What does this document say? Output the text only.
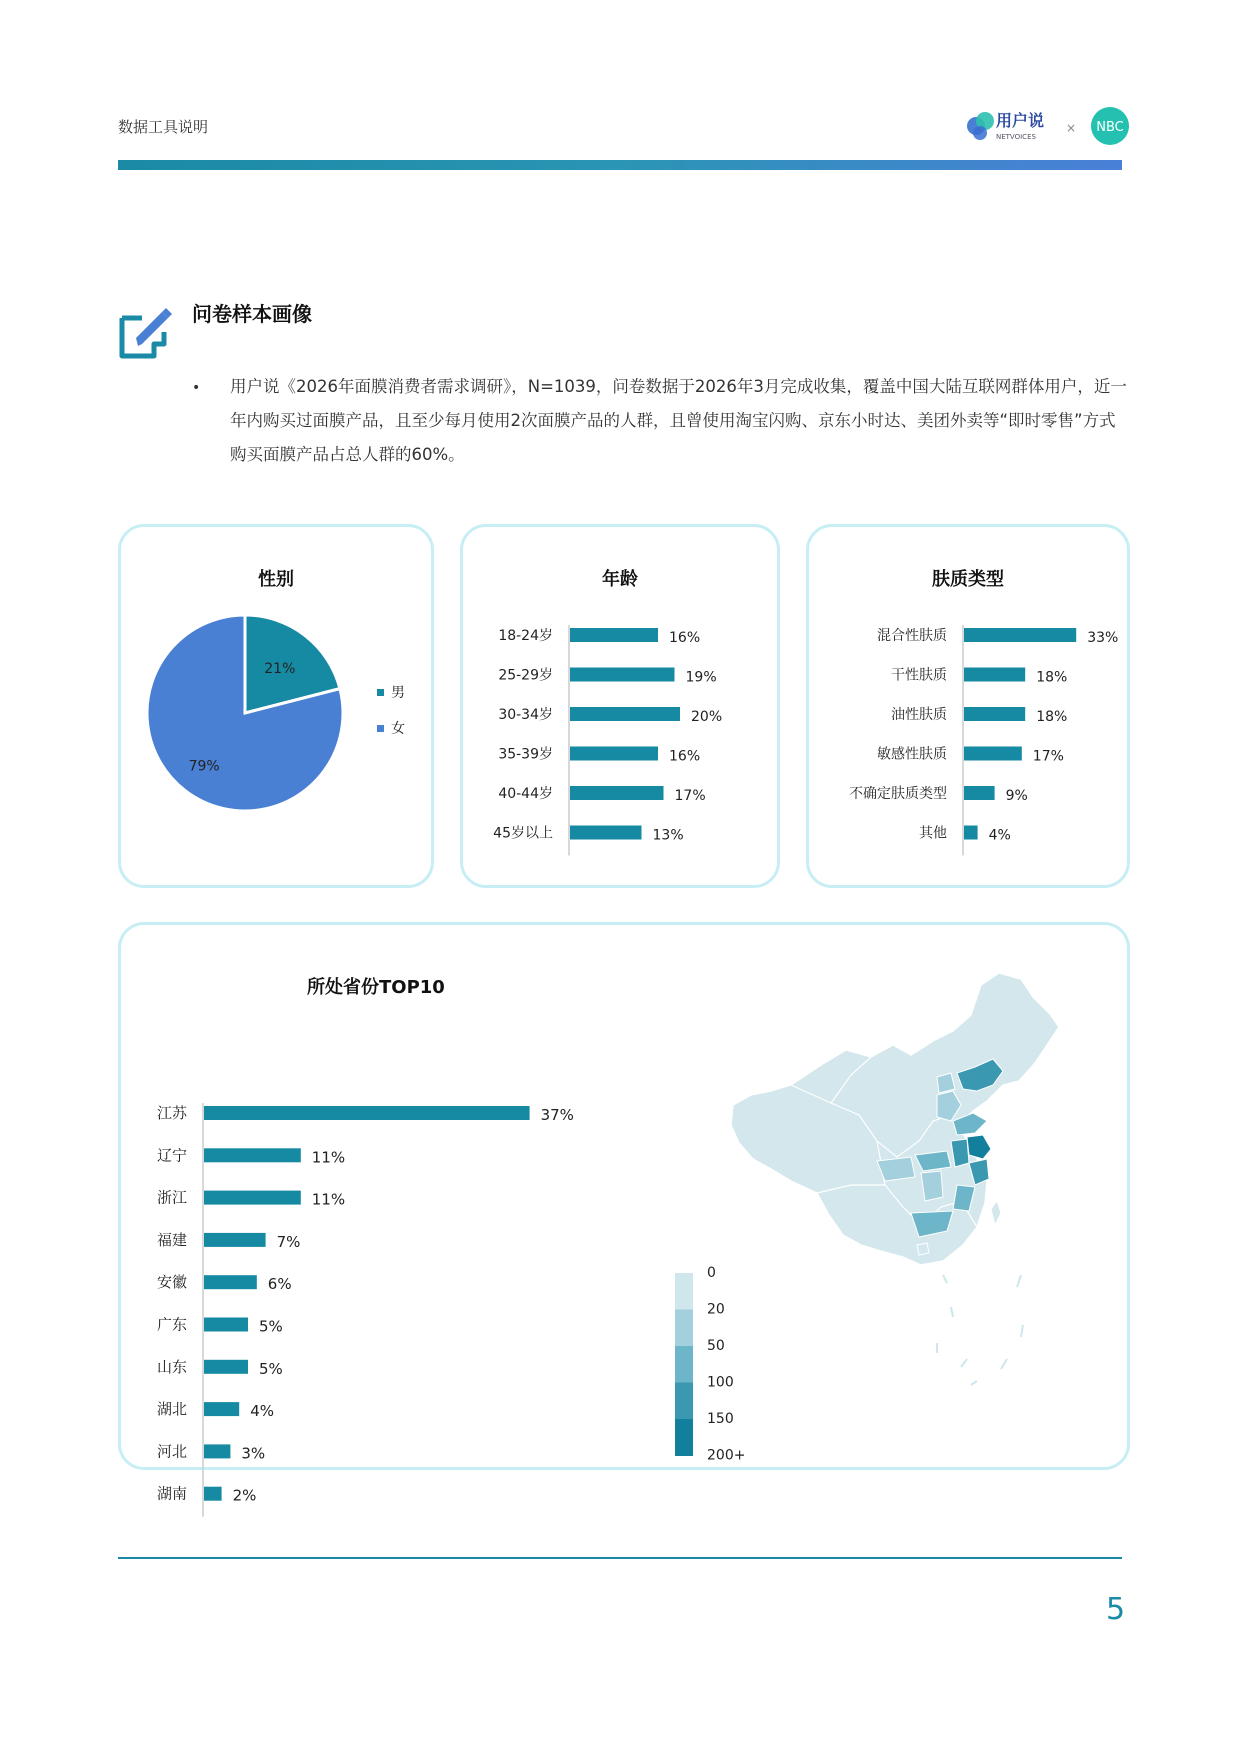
数据工具说明	用户说
NETVOICES
× NBC
问卷样本画像
• 用户说《2026年面膜消费者需求调研》，N=1039，问卷数据于2026年3月完成收集，覆盖中国大陆互联网群体用户，近一年内购买过面膜产品，且至少每月使用2次面膜产品的人群，且曾使用淘宝闪购、京东小时达、美团外卖等“即时零售”方式购买面膜产品占总人群的60%。
性别
21%
79%
男
女
年龄
18-24岁	16%
25-29岁	19%
30-34岁	20%
35-39岁	16%
40-44岁	17%
45岁以上	13%
肤质类型
混合性肤质	33%
干性肤质	18%
油性肤质	18%
敏感性肤质	17%
不确定肤质类型	9%
其他	4%
所处省份TOP10
江苏	37%
辽宁	11%
浙江	11%
福建	7%
安徽	6%
广东	5%
山东	5%
湖北	4%
河北	3%
湖南	2%
0
20
50
100
150
200+
5
